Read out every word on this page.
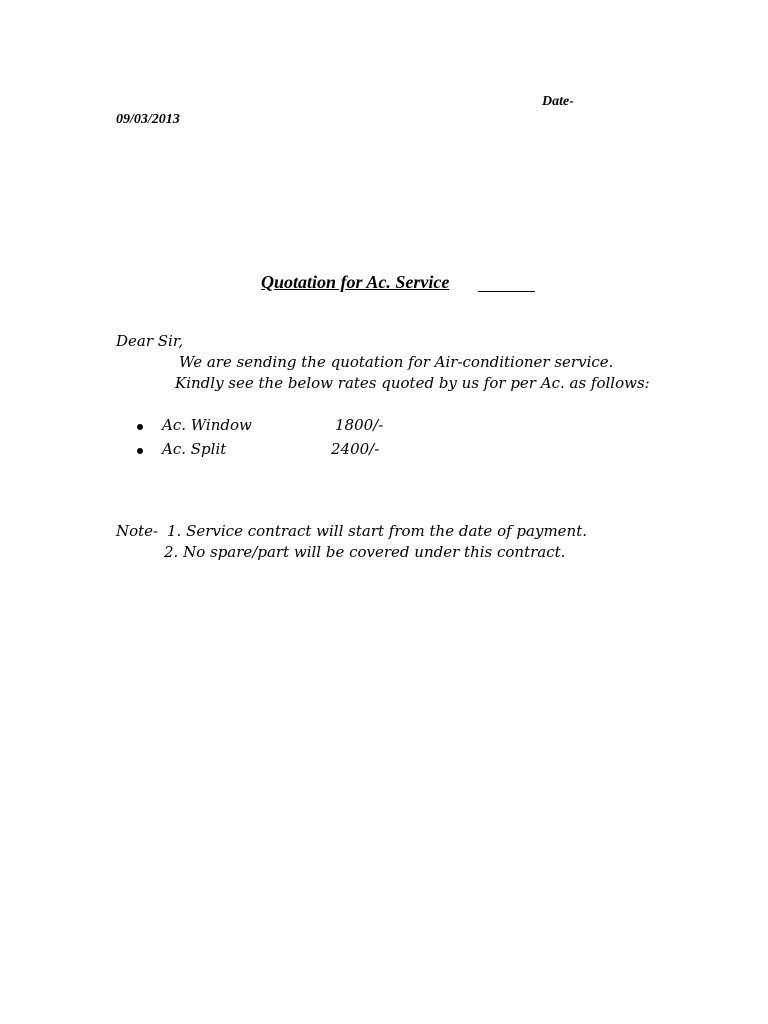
Date-
09/03/2013
Quotation for Ac. Service
Dear Sir,
We are sending the quotation for Air-conditioner service.
Kindly see the below rates quoted by us for per Ac. as follows:
Ac. Window	1800/-
Ac. Split	2400/-
Note- 1. Service contract will start from the date of payment.
2. No spare/part will be covered under this contract.
